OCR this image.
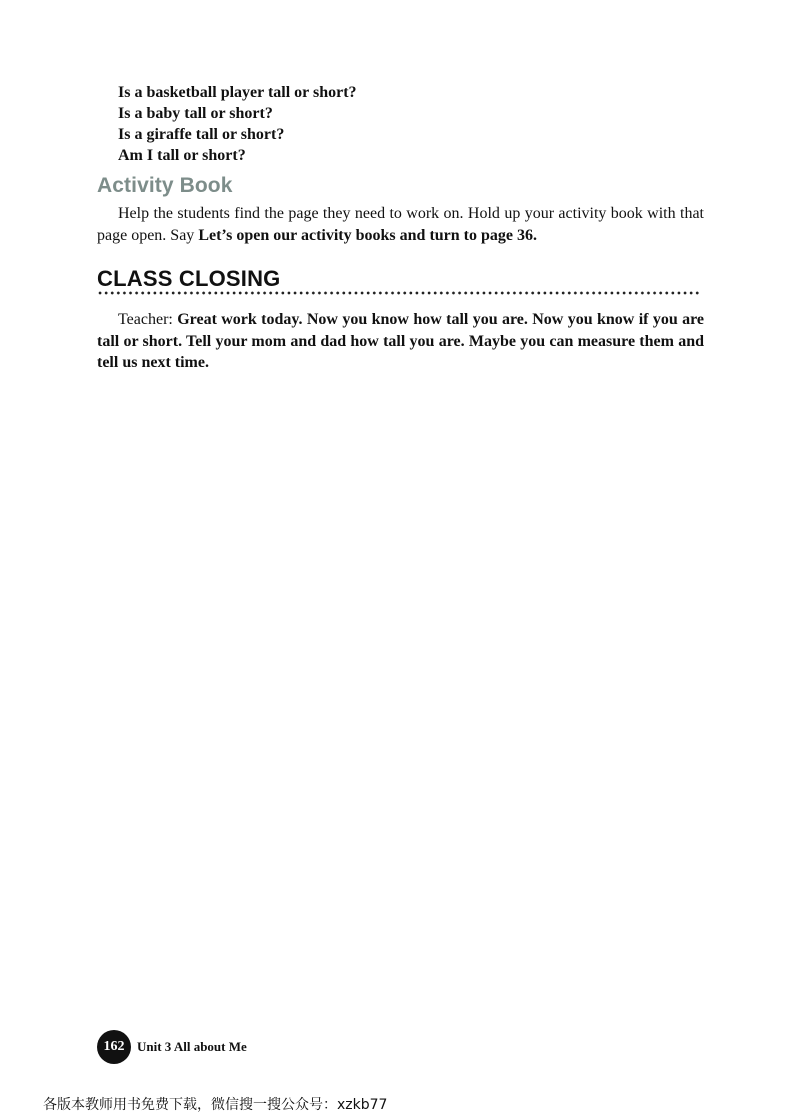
Is a basketball player tall or short?
Is a baby tall or short?
Is a giraffe tall or short?
Am I tall or short?
Activity Book
Help the students find the page they need to work on. Hold up your activity book with that page open. Say Let’s open our activity books and turn to page 36.
CLASS CLOSING
Teacher: Great work today. Now you know how tall you are. Now you know if you are tall or short. Tell your mom and dad how tall you are. Maybe you can measure them and tell us next time.
162 Unit 3 All about Me
各版本教师用书免费下载，微信搜一搜公众号：xzkb77
